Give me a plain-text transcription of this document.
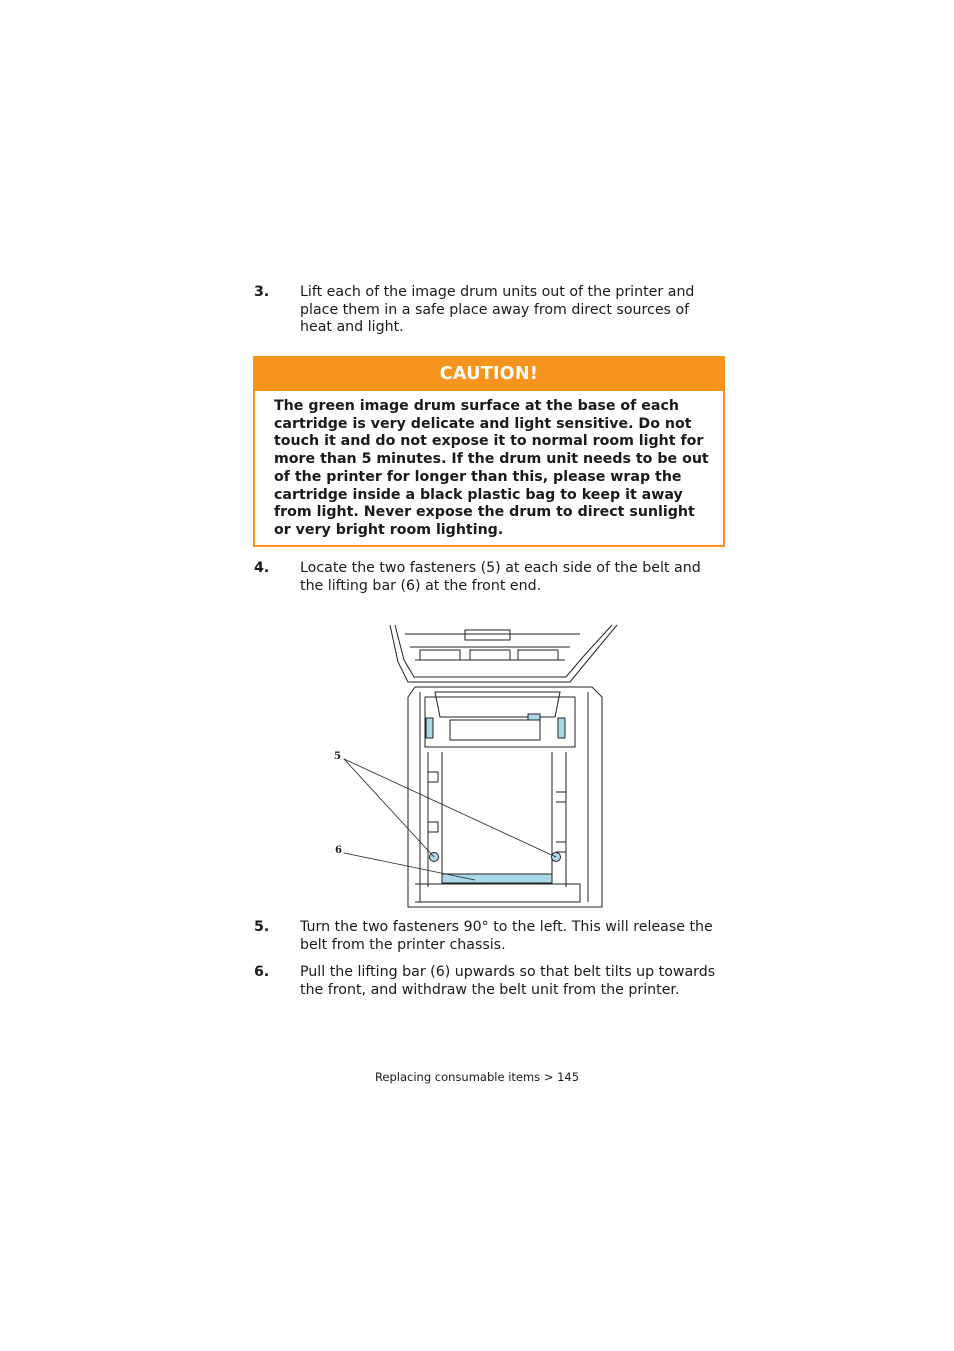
3. Lift each of the image drum units out of the printer and place them in a safe place away from direct sources of heat and light.
CAUTION!
The green image drum surface at the base of each cartridge is very delicate and light sensitive. Do not touch it and do not expose it to normal room light for more than 5 minutes. If the drum unit needs to be out of the printer for longer than this, please wrap the cartridge inside a black plastic bag to keep it away from light. Never expose the drum to direct sunlight or very bright room lighting.
4. Locate the two fasteners (5) at each side of the belt and the lifting bar (6) at the front end.
5
6
5. Turn the two fasteners 90° to the left. This will release the belt from the printer chassis.
6. Pull the lifting bar (6) upwards so that belt tilts up towards the front, and withdraw the belt unit from the printer.
Replacing consumable items > 145
